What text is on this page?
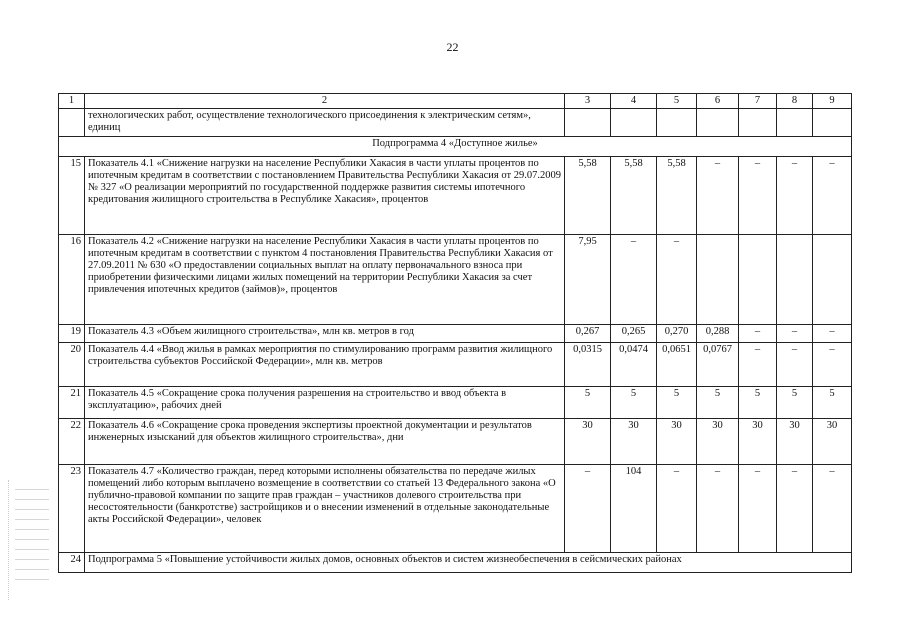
22
1	2	3	4	5	6	7	8	9
	технологических работ, осуществление технологического присоединения к электрическим сетям», единиц							
Подпрограмма 4 «Доступное жилье»								
15	Показатель 4.1 «Снижение нагрузки на население Республики Хакасия в части уплаты процентов по ипотечным кредитам в соответствии с постановлением Правительства Республики Хакасия от 29.07.2009 № 327 «О реализации мероприятий по государственной поддержке развития системы ипотечного кредитования жилищного строительства в Республике Хакасия», процентов	5,58	5,58	5,58	–	–	–	–
16	Показатель 4.2 «Снижение нагрузки на население Республики Хакасия в части уплаты процентов по ипотечным кредитам в соответствии с пунктом 4 постановления Правительства Республики Хакасия от 27.09.2011 № 630 «О предоставлении социальных выплат на оплату первоначального взноса при приобретении физическими лицами жилых помещений на территории Республики Хакасия за счет привлечения ипотечных кредитов (займов)», процентов	7,95	–	–				
19	Показатель 4.3 «Объем жилищного строительства», млн кв. метров в год	0,267	0,265	0,270	0,288	–	–	–
20	Показатель 4.4 «Ввод жилья в рамках мероприятия по стимулированию программ развития жилищного строительства субъектов Российской Федерации», млн кв. метров	0,0315	0,0474	0,0651	0,0767	–	–	–
21	Показатель 4.5 «Сокращение срока получения разрешения на строительство и ввод объекта в эксплуатацию», рабочих дней	5	5	5	5	5	5	5
22	Показатель 4.6 «Сокращение срока проведения экспертизы проектной документации и результатов инженерных изысканий для объектов жилищного строительства», дни	30	30	30	30	30	30	30
23	Показатель 4.7 «Количество граждан, перед которыми исполнены обязательства по передаче жилых помещений либо которым выплачено возмещение в соответствии со статьей 13 Федерального закона «О публично-правовой компании по защите прав граждан – участников долевого строительства при несостоятельности (банкротстве) застройщиков и о внесении изменений в отдельные законодательные акты Российской Федерации», человек	–	104	–	–	–	–	–
24	Подпрограмма 5 «Повышение устойчивости жилых домов, основных объектов и систем жизнеобеспечения в сейсмических районах							
